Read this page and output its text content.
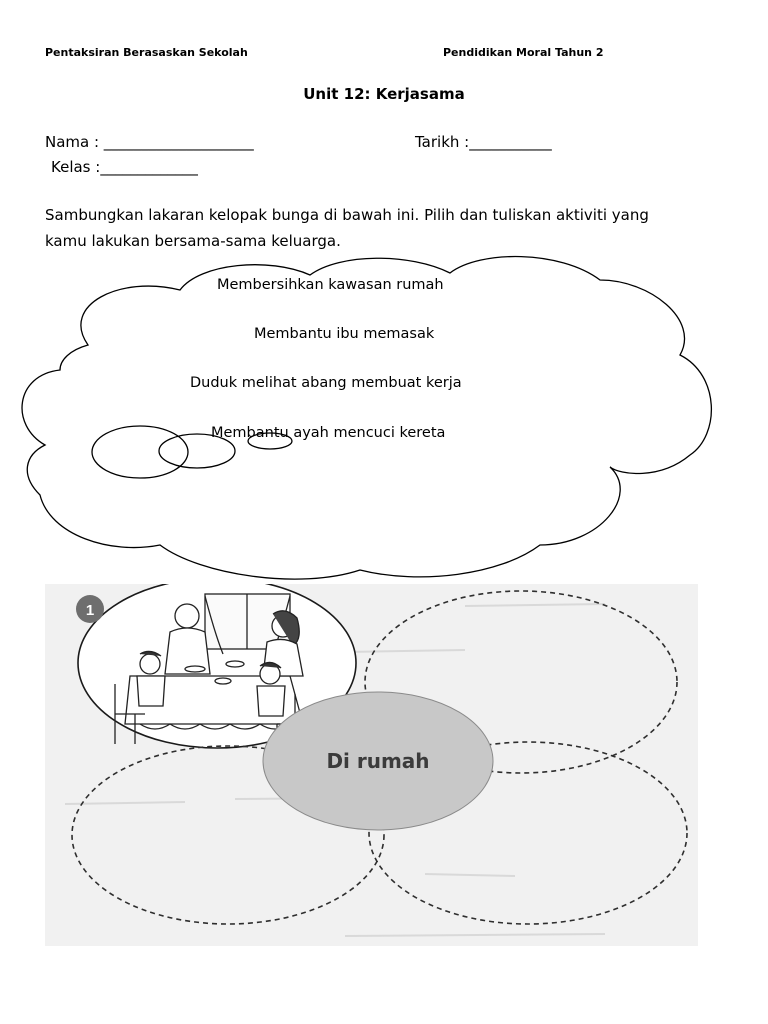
Pentaksiran Berasaskan Sekolah	Pendidikan Moral Tahun 2
Unit 12: Kerjasama
Nama : ____________________	Tarikh :___________
Kelas :_____________
Sambungkan lakaran kelopak bunga di bawah ini. Pilih dan tuliskan aktiviti yang
kamu lakukan bersama-sama keluarga.
Membersihkan kawasan rumah
Membantu ibu memasak
Duduk melihat abang membuat kerja
Membantu ayah mencuci kereta
1
Di rumah
